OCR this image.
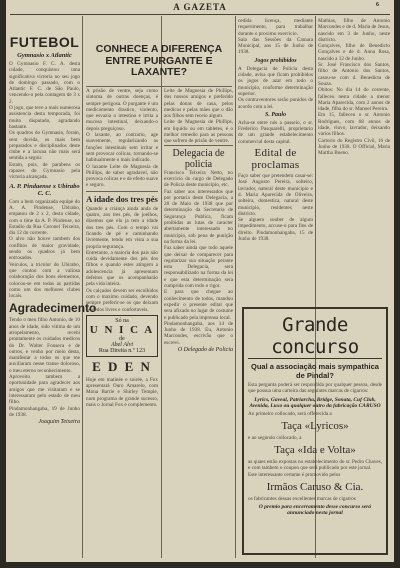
A GAZETA	6

FUTEBOL

Gymnasio x Atlantic

O Gymnasio F. C. A. desta cidade, conquistou uma significativa victoria no seu jogo de domingo passado, com o Atlantic F. C. de São Paulo, vencendo-o pela contagem de 3 x 2.

O jogo, que teve a mais numerosa assistencia desta temporada, foi muito disputado, agradando bastante.

Os quadros do Gymnasio, foram, sem duvida, os mais bem preparados e disciplinados deste clube e a lacuna não mais será sentida a seguir.

Estam, pois, de parabens os rapazes do Gymnasio pela victoria alcançada.

A. P. Pindaense x Ubirabo C. C.

Com a bem organizada equipe do A. A. Pindense, Ubirabo, empatou de 2 x 2, desta cidade, com o time da A. P. Pindense, no Estadio da Rua Coronel Teixeira, dia 12 do corrente.

O alvo não houve tambem dos conflitos de maior gravidade, sendo os quadros já bem entrosados.

Veiculos, a tricolor do Ubirabo, que contou com a valiosa colaboração dos bons elementos, colocou-se em todas as partidas como um dos melhores clubes locais.

Agradecimento

Tendo o meu filho Antonio, de 10 anos de idade, sido vitima de um atropelamento, recebi prontamente os cuidados medicos do Dr. Walter Fonseca e de outros, e venho por meio desta, manifestar a todos os que me auxiliaram nesse transe doloroso, o meu eterno reconhecimento.

Aproveito tambem a oportunidade para agradecer aos amigos que me visitaram e se interessaram pelo estado de meu filho.

Pindamonhangaba, 19 de Junho de 1938.

Joaquim Teixeira

CONHECE A DIFERENÇA ENTRE PURGANTE E LAXANTE?

A prisão de ventre, seja como sintoma de outras doenças, é sempre perigosa. O purgante é um medicamento drastico, violento, que esvazia o intestino e irrita a mucosa intestinal, deixando-o depois preguiçoso.

O laxante, ao contrario, age suavemente, regularizando as funções intestinais sem irritar e sem provocar colicas, tornando-se habitualmente o mais indicado.

O laxante Leite de Magnesia de Phillips, de sabor agradavel, não provoca colicas e e de efeito suave e seguro.

A idade dos tres pés

Quando a criança ainda anda de quatro, aos tres pés, de joelhos, dizemos que ela ja tem a idade dos tres pés. Com o tempo vai ficando de pé e caminhando livremente, tendo em vista a sua propria segurança.

Entretanto, a maioria dos pais não cuida devidamente dos pés dos filhos e quando estes atingem a adolescencia já apresentam defeitos que os acompanharão pela vida inteira.

Os calçados devem ser escolhidos com o maximo cuidado, devendo sempre preferir-se os que deixam os dedos livres e confortaveis.

Só na
U N I C A
de
Abel Alvi
Rua Direita n.º 123

E D E N

Hoje em matinée e soirée, a Fox apresentará Ouro Amarelo, com Mona Barrie e Shirley Temple, num programa de grande sucesso, mais o Jornal Fox e complemento.

Leite de Magnesia de Phillips, dos nossos amigos e preferido pelas donas de casa, pelos medicos e pelas mães que o dão aos filhos sem receio algum.

Leite de Magnesia de Phillips, em liquido ou em tabletes, é o melhor remedio para as pessoas que sofrem de prisão de ventre.

Delegacia de policia

Francisco Teixeira Netto, no exercicio do cargo de Delegado de Policia deste municipio, etc.

Faz saber aos interessados que por portaria deste Delegacia, a 28 de Maio de 1938 que por determinação da Secretaria de Segurança Publica, ficam proibidas as lutas de caracter abertamente interessado no municipio, sob pena de punição na forma da lei.

Faz saber ainda que todo aquele que deixar de comparecer para regularizar sua situação perante esta Delegacia, sera responsabilizado na forma da lei e que esta determinação sera cumprida com todo o rigor.

E para que chegue ao conhecimento de todos, mandou expedir o presente edital que sera afixado no lugar de costume e publicado pela imprensa local.

Pindamonhangaba, aos 14 de Junho de 1938. Eu, Antonio Marcondes, escrivão que o escrevi.

O Delegado de Policia

cedida licença, mediante requerimento, para trabalhar durante o proximo exercicio.

Sala das Sessões da Camara Municipal, aos 15 de Junho de 1938.

Jogos prohibidos

A Delegacia de Policia desta cidade, avisa que ficam prohibidos os jogos de azar em todo o municipio, conforme determinação superior.

Os contraventores serão punidos de acordo com a lei.

S. Paulo

Acha-se entre nós a passeio, o sr. Frederico Pasquarelli, proprietario de um grande estabelecimento commercial desta capital.

Edital de proclamas

Faço saber que pretendem casar-se: José Augusto Pereira, solteiro, lavrador, natural deste municipio e d. Maria Aparecida de Oliveira, solteira, domestica, natural deste municipio, residentes neste districto.

Se alguem souber de algum impedimento, accuse-o para fins de direito. Pindamonhangaba, 15 de Junho de 1938.

Mathias, filho de Antonio Marcondes e de d. Maria de Jesus, nascido em 3 de Junho, neste districto.

Gonçalves, filho de Benedicto Gonçalves e de d. Anna Rosa, nascido a 12 de Junho.

Sr. José Francisco dos Santos, filho de Antonio dos Santos, casou-se com d. Benedicta de Souza.

Obitos: No dia 14 do corrente, falleceu nesta cidade a menor Maria Aparecida, com 2 annos de idade, filha do sr. Manoel Pereira.

Em 15, falleceu o sr. Antonio Rodrigues, com 68 annos de idade, viuvo, lavrador, deixando varios filhos.

Cartorio do Registro Civil, 16 de Junho de 1938. O Official, Maria Martha Bueno.

Grande concurso

Qual a associação mais sympathica de Pindal?

Esta pergunta poderá ser respondida por qualquer pessoa, desde que possua uma carteira das seguintes marcas de cigarros:

Lyrics, Gaveal, Patriarcha, Bridge, Sonata, Cuf Club, Avenida, Luxo ou qualquer outro da fabricação CARUSO

Ao primeiro collocado, será offerecida a

Taça «Lyricos»

e ao segundo collocado, a

Taça «Ida e Volta»

as quaes estão expostas no estabelecimento do sr. Pedro Chaves, e com tambem o coupon que será publicado por este jornal.

Este interessante certame é promovido pelos

Irmãos Caruso & Cia.

os fabricantes dessas excellentes marcas de cigarros

O premio para encerramento desse concurso será annunciado nesta jornal
